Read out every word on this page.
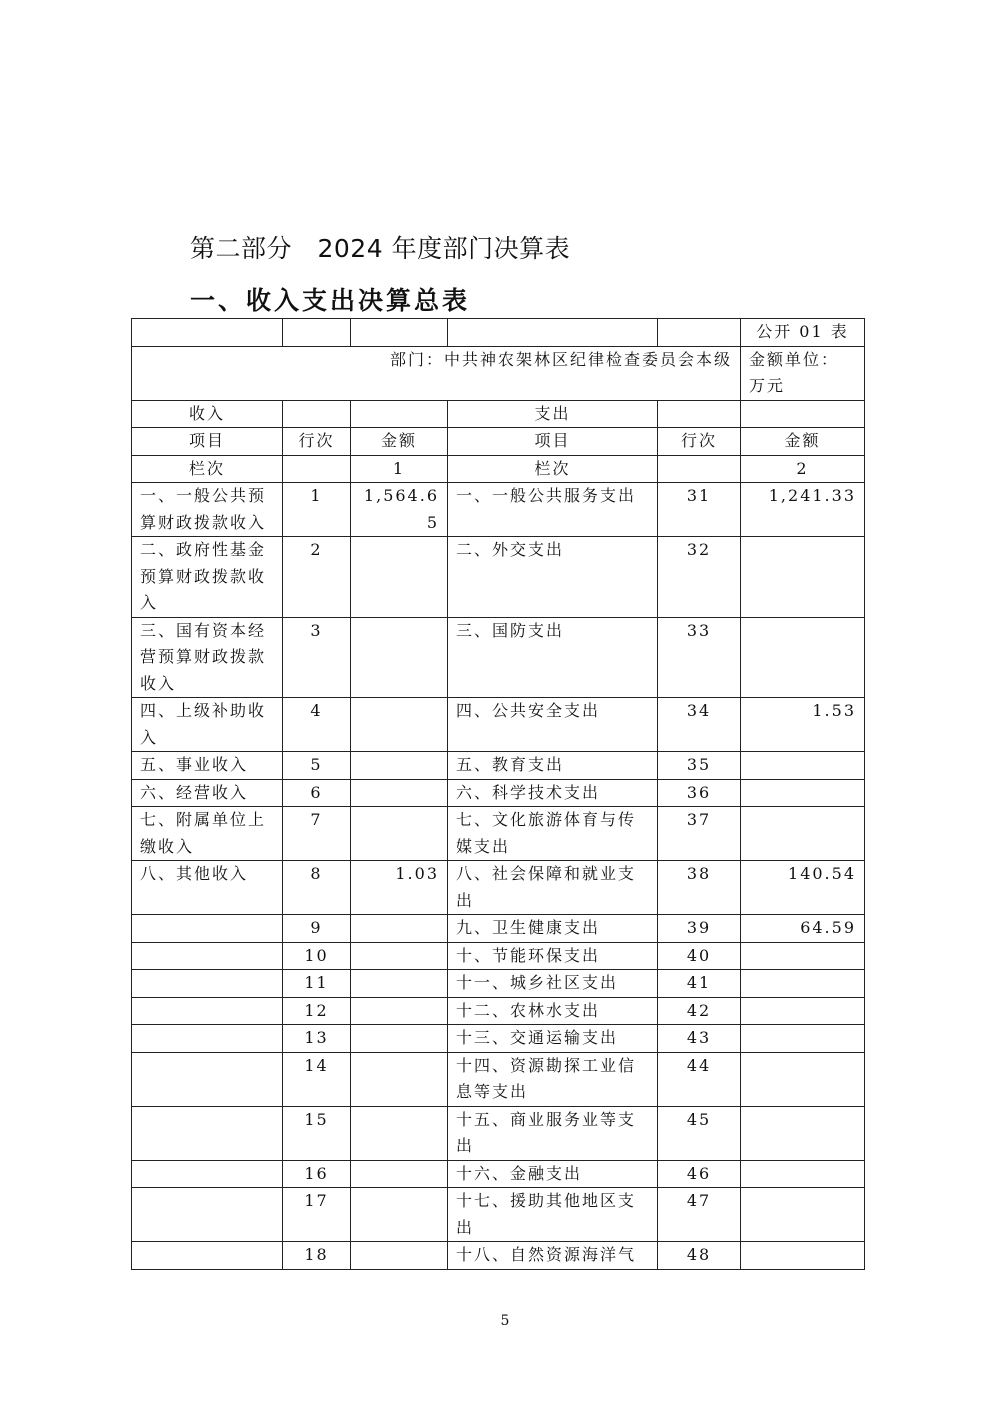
第二部分　2024 年度部门决算表
一、收入支出决算总表
					公开 01 表
部门：中共神农架林区纪律检查委员会本级					金额单位：万元
收入			支出		
项目	行次	金额	项目	行次	金额
栏次		1	栏次		2
一、一般公共预算财政拨款收入	1	1,564.65	一、一般公共服务支出	31	1,241.33
二、政府性基金预算财政拨款收入	2		二、外交支出	32	
三、国有资本经营预算财政拨款收入	3		三、国防支出	33	
四、上级补助收入	4		四、公共安全支出	34	1.53
五、事业收入	5		五、教育支出	35	
六、经营收入	6		六、科学技术支出	36	
七、附属单位上缴收入	7		七、文化旅游体育与传媒支出	37	
八、其他收入	8	1.03	八、社会保障和就业支出	38	140.54
	9		九、卫生健康支出	39	64.59
	10		十、节能环保支出	40	
	11		十一、城乡社区支出	41	
	12		十二、农林水支出	42	
	13		十三、交通运输支出	43	
	14		十四、资源勘探工业信息等支出	44	
	15		十五、商业服务业等支出	45	
	16		十六、金融支出	46	
	17		十七、援助其他地区支出	47	
	18		十八、自然资源海洋气	48	
5
